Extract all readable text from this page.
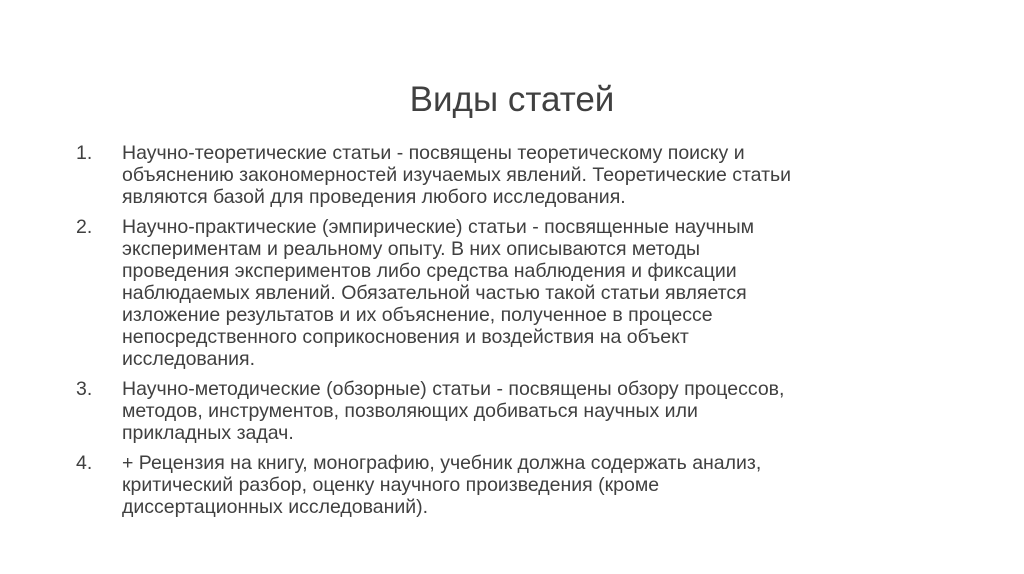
Виды статей
1.	Научно-теоретические статьи - посвящены теоретическому поиску и
объяснению закономерностей изучаемых явлений. Теоретические статьи
являются базой для проведения любого исследования.
2.	Научно-практические (эмпирические) статьи - посвященные научным
экспериментам и реальному опыту. В них описываются методы
проведения экспериментов либо средства наблюдения и фиксации
наблюдаемых явлений. Обязательной частью такой статьи является
изложение результатов и их объяснение, полученное в процессе
непосредственного соприкосновения и воздействия на объект
исследования.
3.	Научно-методические (обзорные) статьи - посвящены обзору процессов,
методов, инструментов, позволяющих добиваться научных или
прикладных задач.
4.	+ Рецензия на книгу, монографию, учебник должна содержать анализ,
критический разбор, оценку научного произведения (кроме
диссертационных исследований).
